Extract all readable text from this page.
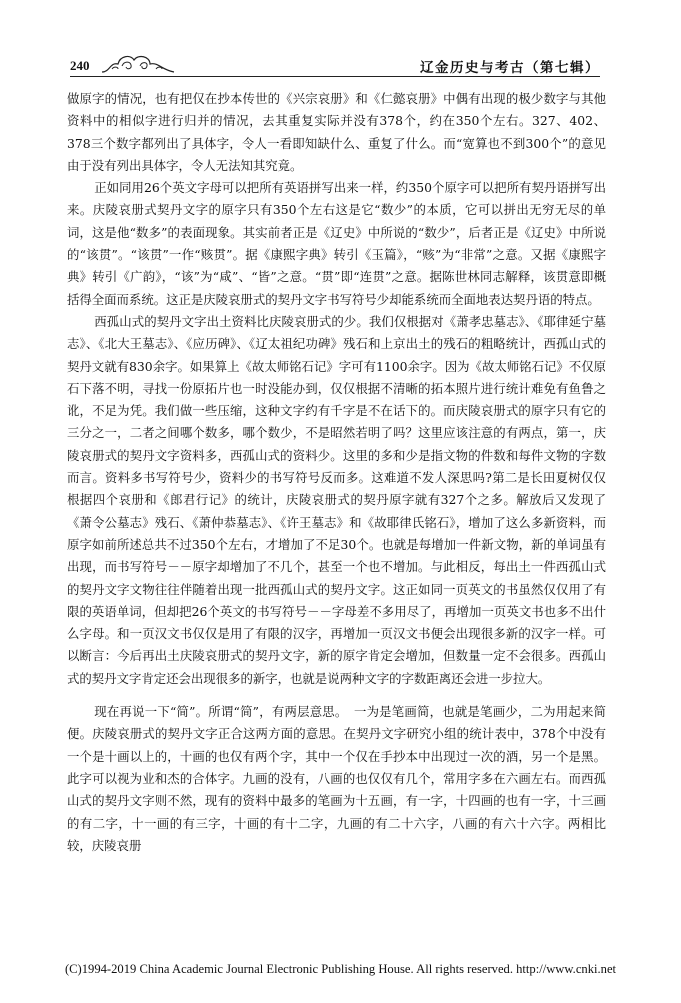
240	辽金历史与考古（第七辑）

做原字的情况，也有把仅在抄本传世的《兴宗哀册》和《仁懿哀册》中偶有出现的极少数字与其他资料中的相似字进行归并的情况，去其重复实际并没有378个，约在350个左右。327、402、378三个数字都列出了具体字，令人一看即知缺什么、重复了什么。而“宽算也不到300个”的意见由于没有列出具体字，令人无法知其究竟。

正如同用26个英文字母可以把所有英语拼写出来一样，约350个原字可以把所有契丹语拼写出来。庆陵哀册式契丹文字的原字只有350个左右这是它“数少”的本质，它可以拼出无穷无尽的单词，这是他“数多”的表面现象。其实前者正是《辽史》中所说的“数少”，后者正是《辽史》中所说的“该贯”。“该贯”一作“赅贯”。据《康熙字典》转引《玉篇》，“赅”为“非常”之意。又据《康熙字典》转引《广韵》，“该”为“咸”、“皆”之意。“贯”即“连贯”之意。据陈世林同志解释，该贯意即概括得全面而系统。这正是庆陵哀册式的契丹文字书写符号少却能系统而全面地表达契丹语的特点。

西孤山式的契丹文字出土资料比庆陵哀册式的少。我们仅根据对《萧孝忠墓志》、《耶律延宁墓志》、《北大王墓志》、《应历碑》、《辽太祖纪功碑》残石和上京出土的残石的粗略统计，西孤山式的契丹文就有830余字。如果算上《故太师铭石记》字可有1100余字。因为《故太师铭石记》不仅原石下落不明，寻找一份原拓片也一时没能办到，仅仅根据不清晰的拓本照片进行统计难免有鱼鲁之讹，不足为凭。我们做一些压缩，这种文字约有千字是不在话下的。而庆陵哀册式的原字只有它的三分之一，二者之间哪个数多，哪个数少，不是昭然若明了吗？这里应该注意的有两点，第一，庆陵哀册式的契丹文字资料多，西孤山式的资料少。这里的多和少是指文物的件数和每件文物的字数而言。资料多书写符号少，资料少的书写符号反而多。这难道不发人深思吗?第二是长田夏树仅仅根据四个哀册和《郎君行记》的统计，庆陵哀册式的契丹原字就有327个之多。解放后又发现了《萧令公墓志》残石、《萧仲恭墓志》、《许王墓志》和《故耶律氏铭石》，增加了这么多新资料，而原字如前所述总共不过350个左右，才增加了不足30个。也就是每增加一件新文物，新的单词虽有出现，而书写符号－－原字却增加了不几个，甚至一个也不增加。与此相反，每出土一件西孤山式的契丹文字文物往往伴随着出现一批西孤山式的契丹文字。这正如同一页英文的书虽然仅仅用了有限的英语单词，但却把26个英文的书写符号－－字母差不多用尽了，再增加一页英文书也多不出什么字母。和一页汉文书仅仅是用了有限的汉字，再增加一页汉文书便会出现很多新的汉字一样。可以断言：今后再出土庆陵哀册式的契丹文字，新的原字肯定会增加，但数量一定不会很多。西孤山式的契丹文字肯定还会出现很多的新字，也就是说两种文字的字数距离还会进一步拉大。

现在再说一下“简”。所谓“简”，有两层意思。　一为是笔画简，也就是笔画少，二为用起来简便。庆陵哀册式的契丹文字正合这两方面的意思。在契丹文字研究小组的统计表中，378个中没有一个是十画以上的，十画的也仅有两个字，其中一个仅在手抄本中出现过一次的酒，另一个是黑。此字可以视为业和杰的合体字。九画的没有，八画的也仅仅有几个，常用字多在六画左右。而西孤山式的契丹文字则不然，现有的资料中最多的笔画为十五画，有一字，十四画的也有一字，十三画的有二字，十一画的有三字，十画的有十二字，九画的有二十六字，八画的有六十六字。两相比较，庆陵哀册

(C)1994-2019 China Academic Journal Electronic Publishing House. All rights reserved. http://www.cnki.net
